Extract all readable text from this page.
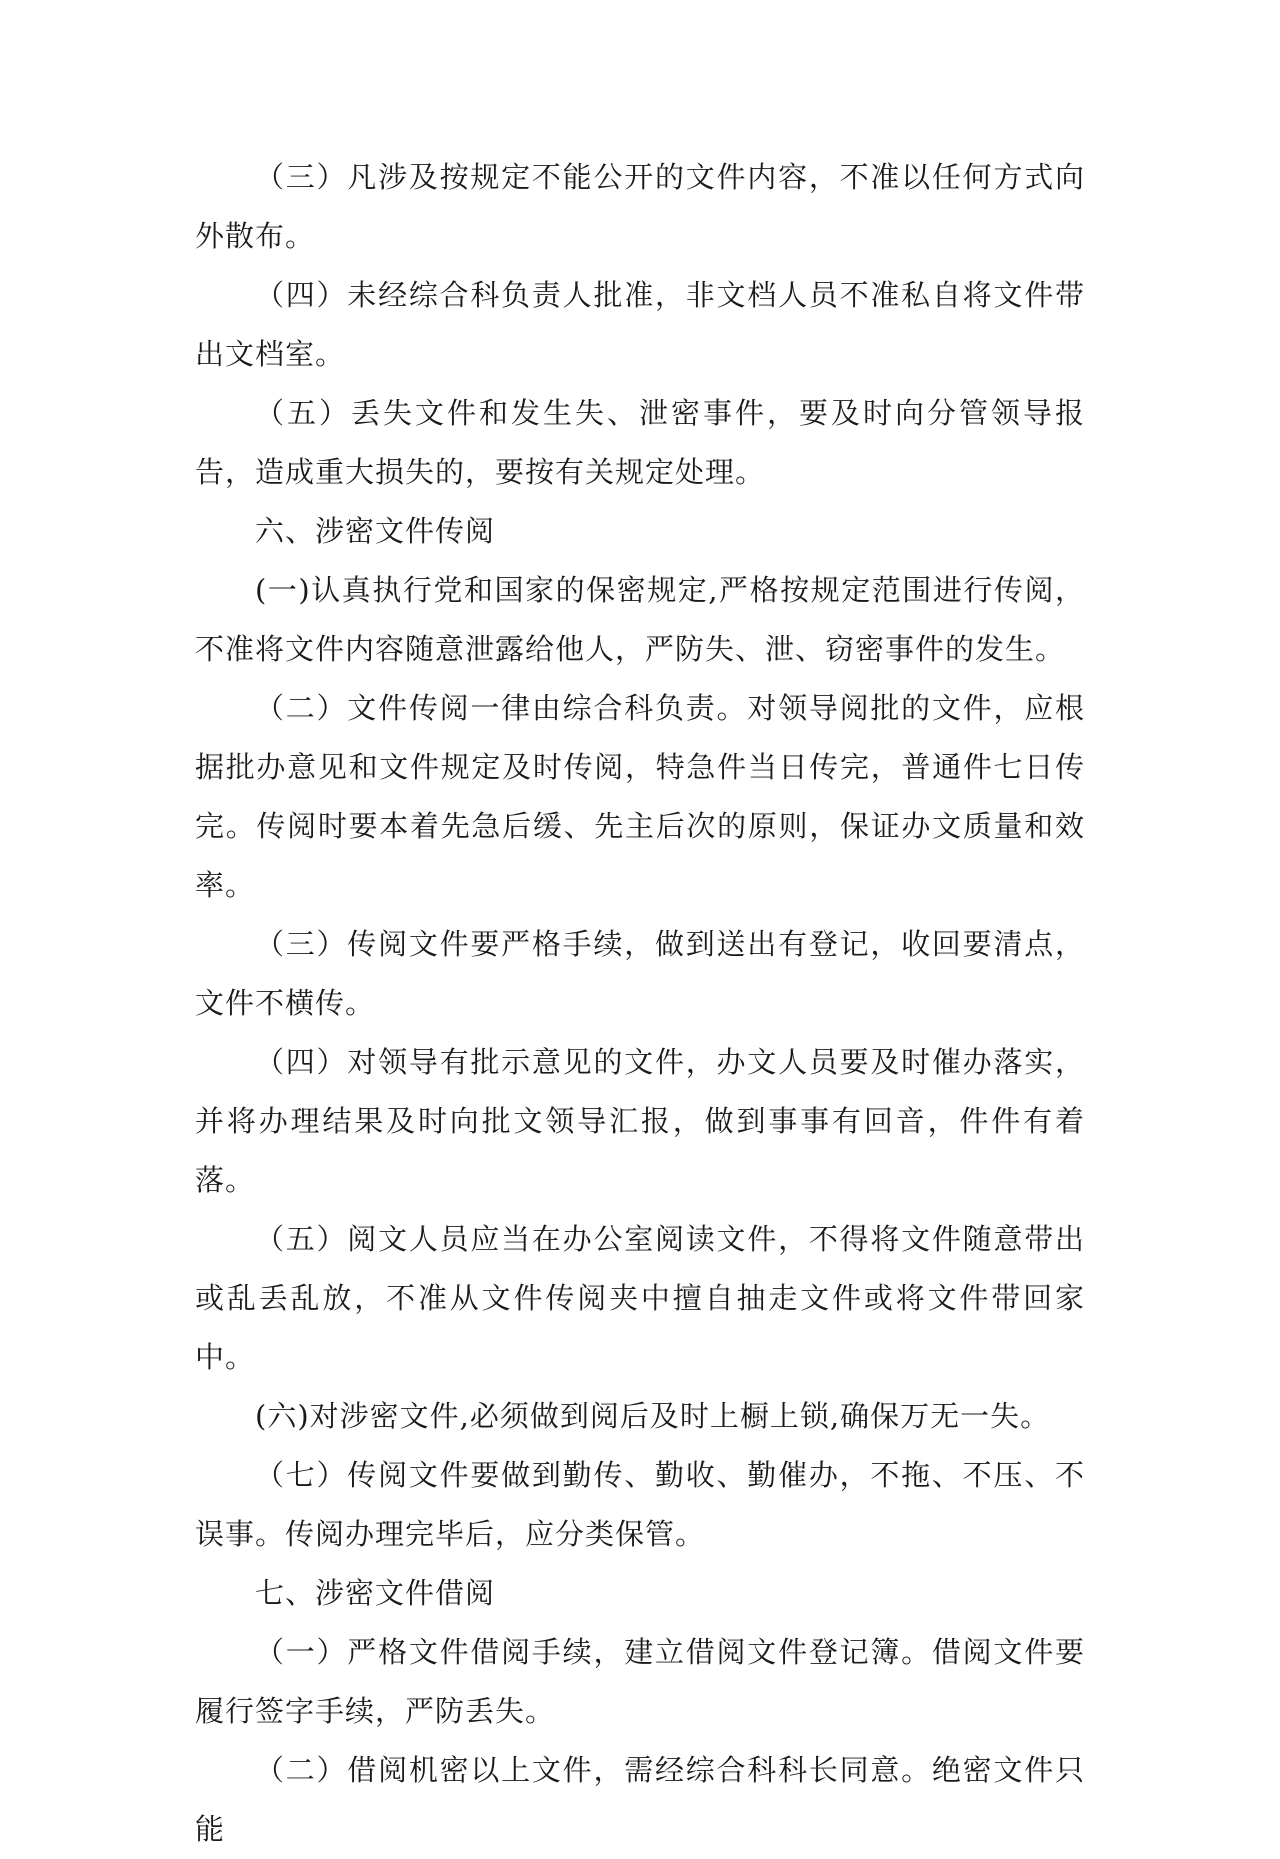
（三）凡涉及按规定不能公开的文件内容，不准以任何方式向外散布。

（四）未经综合科负责人批准，非文档人员不准私自将文件带出文档室。

（五）丢失文件和发生失、泄密事件，要及时向分管领导报告，造成重大损失的，要按有关规定处理。

六、涉密文件传阅

(一)认真执行党和国家的保密规定,严格按规定范围进行传阅，不准将文件内容随意泄露给他人，严防失、泄、窃密事件的发生。

（二）文件传阅一律由综合科负责。对领导阅批的文件，应根据批办意见和文件规定及时传阅，特急件当日传完，普通件七日传完。传阅时要本着先急后缓、先主后次的原则，保证办文质量和效率。

（三）传阅文件要严格手续，做到送出有登记，收回要清点，文件不横传。

（四）对领导有批示意见的文件，办文人员要及时催办落实，并将办理结果及时向批文领导汇报，做到事事有回音，件件有着落。

（五）阅文人员应当在办公室阅读文件，不得将文件随意带出或乱丢乱放，不准从文件传阅夹中擅自抽走文件或将文件带回家中。

(六)对涉密文件,必须做到阅后及时上橱上锁,确保万无一失。

（七）传阅文件要做到勤传、勤收、勤催办，不拖、不压、不误事。传阅办理完毕后，应分类保管。

七、涉密文件借阅

（一）严格文件借阅手续，建立借阅文件登记簿。借阅文件要履行签字手续，严防丢失。

（二）借阅机密以上文件，需经综合科科长同意。绝密文件只能
